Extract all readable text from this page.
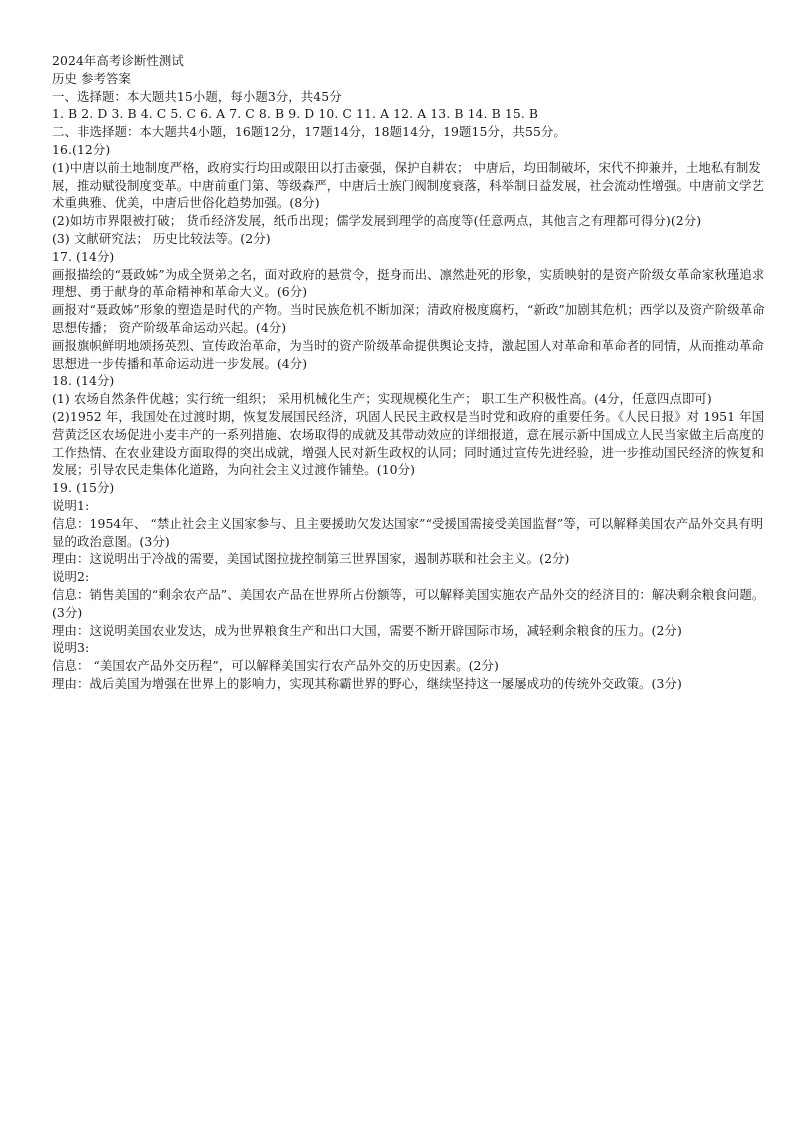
2024年高考诊断性测试
历史 参考答案
一、选择题：本大题共15小题，每小题3分，共45分
1. B 2. D 3. B 4. C 5. C 6. A 7. C 8. B 9. D 10. C 11. A 12. A 13. B 14. B 15. B
二、非选择题：本大题共4小题，16题12分，17题14分，18题14分，19题15分，共55分。
16.(12分)
(1)中唐以前土地制度严格，政府实行均田或限田以打击豪强，保护自耕农； 中唐后，均田制破坏，宋代不抑兼并，土地私有制发展，推动赋役制度变革。中唐前重门第、等级森严，中唐后士族门阀制度衰落，科举制日益发展，社会流动性增强。中唐前文学艺术重典雅、优美，中唐后世俗化趋势加强。(8分)
(2)如坊市界限被打破； 货币经济发展，纸币出现；儒学发展到理学的高度等(任意两点，其他言之有理都可得分)(2分)
(3) 文献研究法； 历史比较法等。(2分)
17. (14分)
画报描绘的“聂政姊”为成全贤弟之名，面对政府的悬赏令，挺身而出、凛然赴死的形象，实质映射的是资产阶级女革命家秋瑾追求理想、勇于献身的革命精神和革命大义。(6分)
画报对“聂政姊”形象的塑造是时代的产物。当时民族危机不断加深；清政府极度腐朽，“新政”加剧其危机；西学以及资产阶级革命思想传播； 资产阶级革命运动兴起。(4分)
画报旗帜鲜明地颂扬英烈、宣传政治革命，为当时的资产阶级革命提供舆论支持，激起国人对革命和革命者的同情，从而推动革命思想进一步传播和革命运动进一步发展。(4分)
18. (14分)
(1) 农场自然条件优越；实行统一组织； 采用机械化生产；实现规模化生产； 职工生产积极性高。(4分，任意四点即可)
(2)1952 年，我国处在过渡时期，恢复发展国民经济，巩固人民民主政权是当时党和政府的重要任务。《人民日报》对 1951 年国营黄泛区农场促进小麦丰产的一系列措施、农场取得的成就及其带动效应的详细报道，意在展示新中国成立人民当家做主后高度的工作热情、在农业建设方面取得的突出成就，增强人民对新生政权的认同；同时通过宣传先进经验，进一步推动国民经济的恢复和发展；引导农民走集体化道路，为向社会主义过渡作铺垫。(10分)
19. (15分)
说明1:
信息：1954年、 “禁止社会主义国家参与、且主要援助欠发达国家”“受援国需接受美国监督”等，可以解释美国农产品外交具有明显的政治意图。(3分)
理由：这说明出于冷战的需要，美国试图拉拢控制第三世界国家，遏制苏联和社会主义。(2分)
说明2:
信息：销售美国的“剩余农产品”、美国农产品在世界所占份额等，可以解释美国实施农产品外交的经济目的：解决剩余粮食问题。(3分)
理由：这说明美国农业发达，成为世界粮食生产和出口大国，需要不断开辟国际市场，减轻剩余粮食的压力。(2分)
说明3:
信息： “美国农产品外交历程”，可以解释美国实行农产品外交的历史因素。(2分)
理由：战后美国为增强在世界上的影响力，实现其称霸世界的野心，继续坚持这一屡屡成功的传统外交政策。(3分)
